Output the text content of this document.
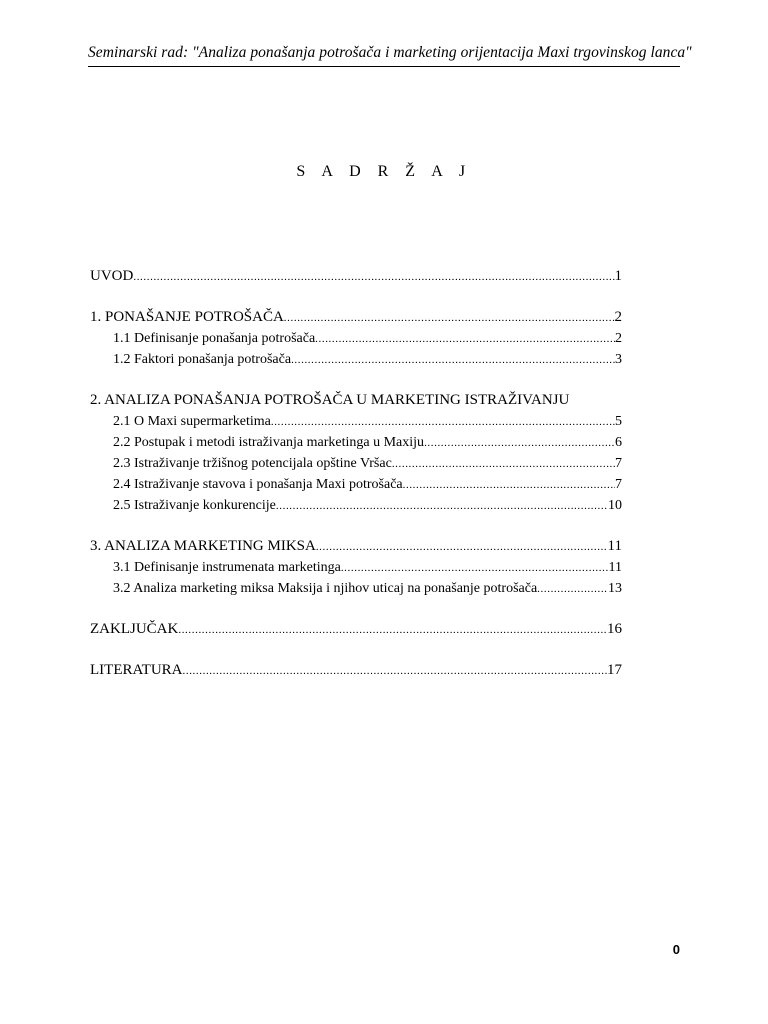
Seminarski rad: "Analiza ponašanja potrošača i marketing orijentacija Maxi trgovinskog lanca"
S A D R Ž A J
UVOD .....	1
1. PONAŠANJE POTROŠAČA .....	2
1.1 Definisanje ponašanja potrošača .....	2
1.2 Faktori ponašanja potrošača .....	3
2. ANALIZA PONAŠANJA POTROŠAČA U MARKETING ISTRAŽIVANJU
2.1 O Maxi supermarketima .....	5
2.2 Postupak i metodi istraživanja marketinga u Maxiju .....	6
2.3 Istraživanje tržišnog potencijala opštine Vršac .....	7
2.4 Istraživanje stavova i ponašanja Maxi potrošača .....	7
2.5 Istraživanje konkurencije .....	10
3. ANALIZA MARKETING MIKSA .....	11
3.1 Definisanje instrumenata marketinga .....	11
3.2 Analiza marketing miksa Maksija i njihov uticaj na ponašanje potrošača .....	13
ZAKLJUČAK .....	16
LITERATURA .....	17
0
